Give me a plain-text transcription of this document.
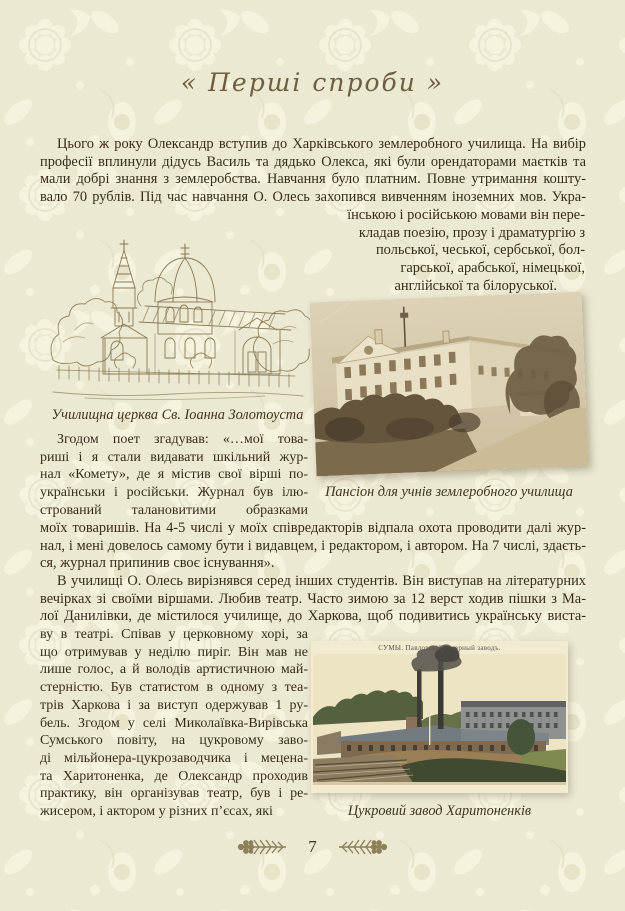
« Перші спроби »
Цього ж року Олександр вступив до Харківського землеробного училища. На вибір
професії вплинули дідусь Василь та дядько Олекса, які були орендаторами маєтків та
мали добрі знання з землеробства. Навчання було платним. Повне утримання кошту-
вало 70 рублів. Під час навчання О. Олесь захопився вивченням іноземних мов. Укра-
їнською і російською мовами він пере-
кладав поезію, прозу і драматургію з
польської, чеської, сербської, бол-
гарської, арабської, німецької,
англійської та білоруської.
Училищна церква Св. Іоанна Золотоуста
Пансіон для учнів землеробного училища
Згодом поет згадував: «…мої това-
риші і я стали видавати шкільний жур-
нал «Комету», де я містив свої вірші по-
українськи і російськи. Журнал був ілю-
стрований талановитими образками
моїх товаришів. На 4-5 числі у моїх співредакторів відпала охота проводити далі жур-
нал, і мені довелось самому бути і видавцем, і редактором, і автором. На 7 числі, здаєть-
ся, журнал припинив своє існування».
В училищі О. Олесь вирізнявся серед інших студентів. Він виступав на літературних
вечірках зі своїми віршами. Любив театр. Часто зимою за 12 верст ходив пішки з Ма-
лої Данилівки, де містилося училище, до Харкова, щоб подивитись українську виста-
ву в театрі. Співав у церковному хорі, за
що отримував у неділю пиріг. Він мав не
лише голос, а й володів артистичною май-
стерністю. Був статистом в одному з теа-
трів Харкова і за виступ одержував 1 ру-
бель. Згодом у селі Миколаївка-Вирівська
Сумського повіту, на цукровому заво-
ді мільйонера-цукрозаводчика і мецена-
та Харитоненка, де Олександр проходив
практику, він організував театр, був і ре-
жисером, і актором у різних п’єсах, які
СУМЫ. Павловскій сахарный заводъ.
Цукровий завод Харитоненків
7
